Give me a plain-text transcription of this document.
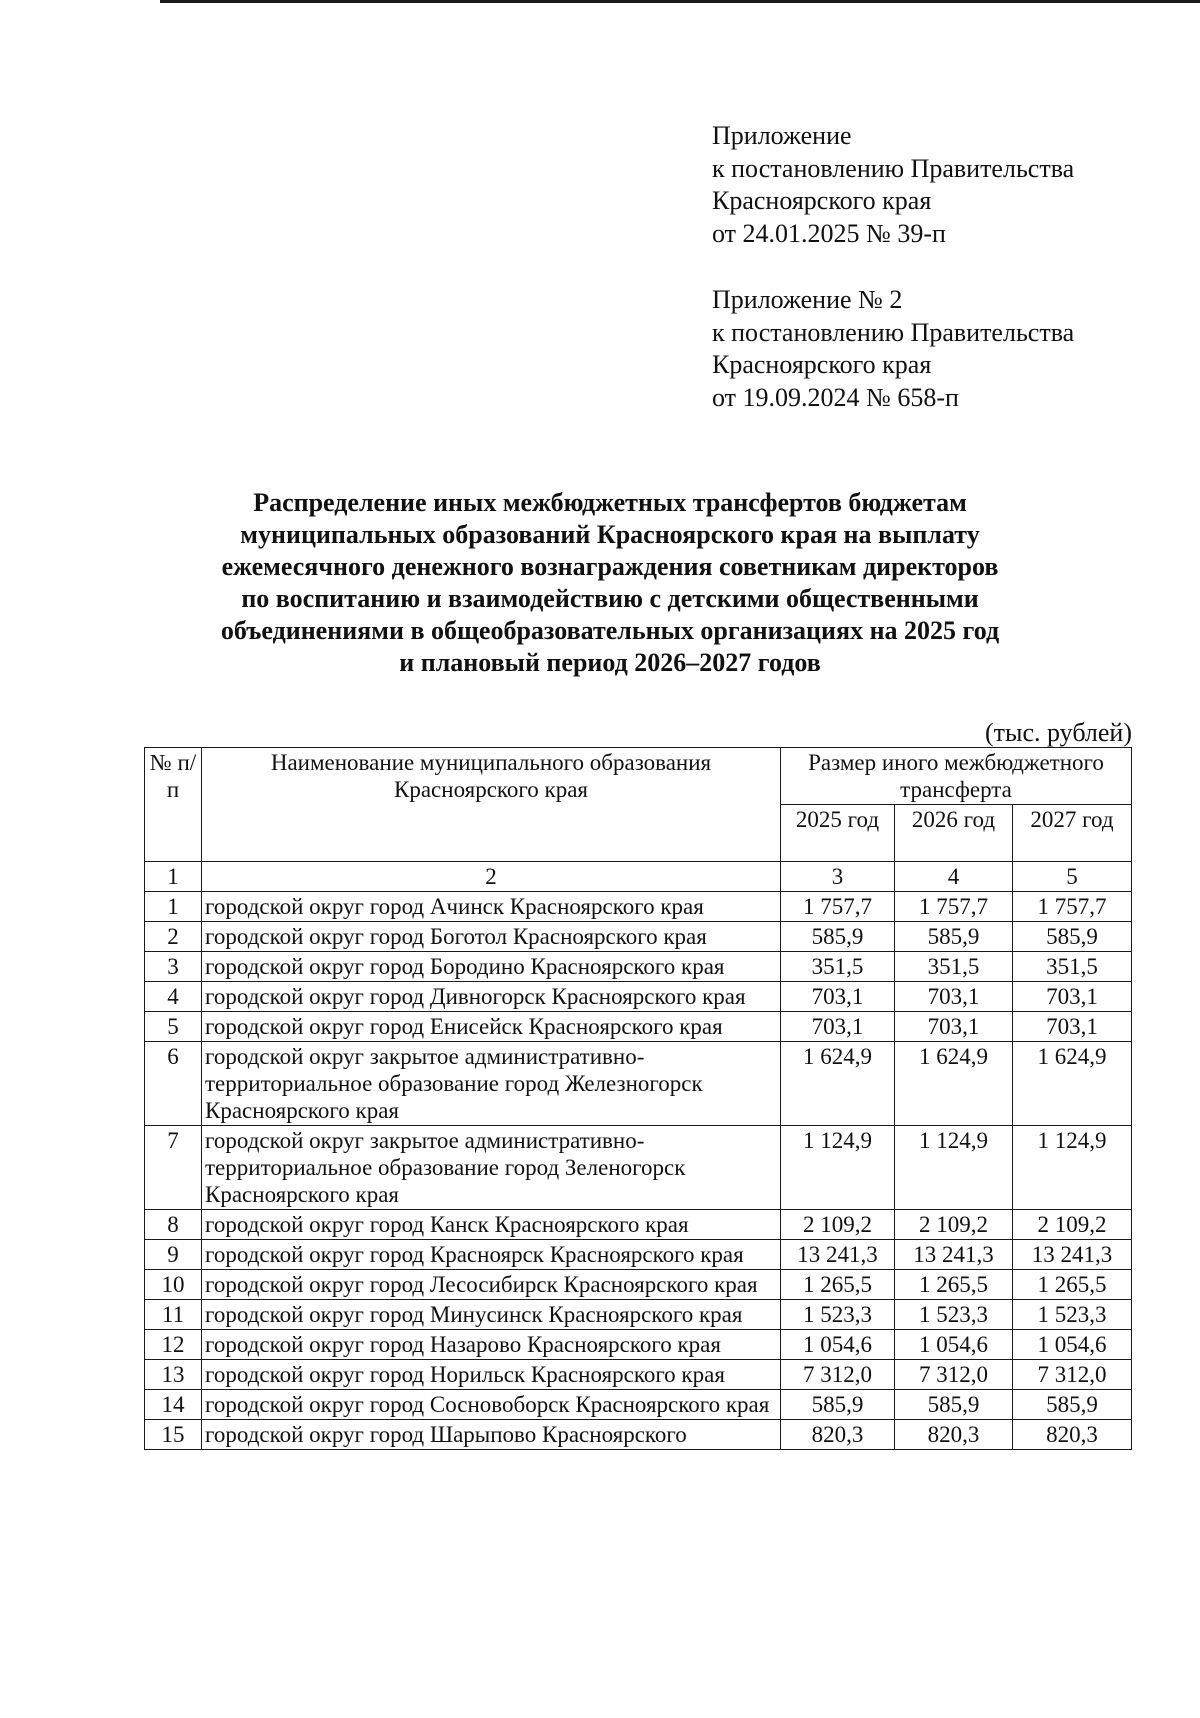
Приложение
к постановлению Правительства
Красноярского края
от 24.01.2025 № 39-п
Приложение № 2
к постановлению Правительства
Красноярского края
от 19.09.2024 № 658-п
Распределение иных межбюджетных трансфертов бюджетам
муниципальных образований Красноярского края на выплату
ежемесячного денежного вознаграждения советникам директоров
по воспитанию и взаимодействию с детскими общественными
объединениями в общеобразовательных организациях на 2025 год
и плановый период 2026–2027 годов
(тыс. рублей)
№ п/п	Наименование муниципального образования Красноярского края	Размер иного межбюджетного трансферта		
		2025 год	2026 год	2027 год
1	2	3	4	5
1	городской округ город Ачинск Красноярского края	1 757,7	1 757,7	1 757,7
2	городской округ город Боготол Красноярского края	585,9	585,9	585,9
3	городской округ город Бородино Красноярского края	351,5	351,5	351,5
4	городской округ город Дивногорск Красноярского края	703,1	703,1	703,1
5	городской округ город Енисейск Красноярского края	703,1	703,1	703,1
6	городской округ закрытое административно-территориальное образование город Железногорск Красноярского края	1 624,9	1 624,9	1 624,9
7	городской округ закрытое административно-территориальное образование город Зеленогорск Красноярского края	1 124,9	1 124,9	1 124,9
8	городской округ город Канск Красноярского края	2 109,2	2 109,2	2 109,2
9	городской округ город Красноярск Красноярского края	13 241,3	13 241,3	13 241,3
10	городской округ город Лесосибирск Красноярского края	1 265,5	1 265,5	1 265,5
11	городской округ город Минусинск Красноярского края	1 523,3	1 523,3	1 523,3
12	городской округ город Назарово Красноярского края	1 054,6	1 054,6	1 054,6
13	городской округ город Норильск Красноярского края	7 312,0	7 312,0	7 312,0
14	городской округ город Сосновоборск Красноярского края	585,9	585,9	585,9
15	городской округ город Шарыпово Красноярского	820,3	820,3	820,3
